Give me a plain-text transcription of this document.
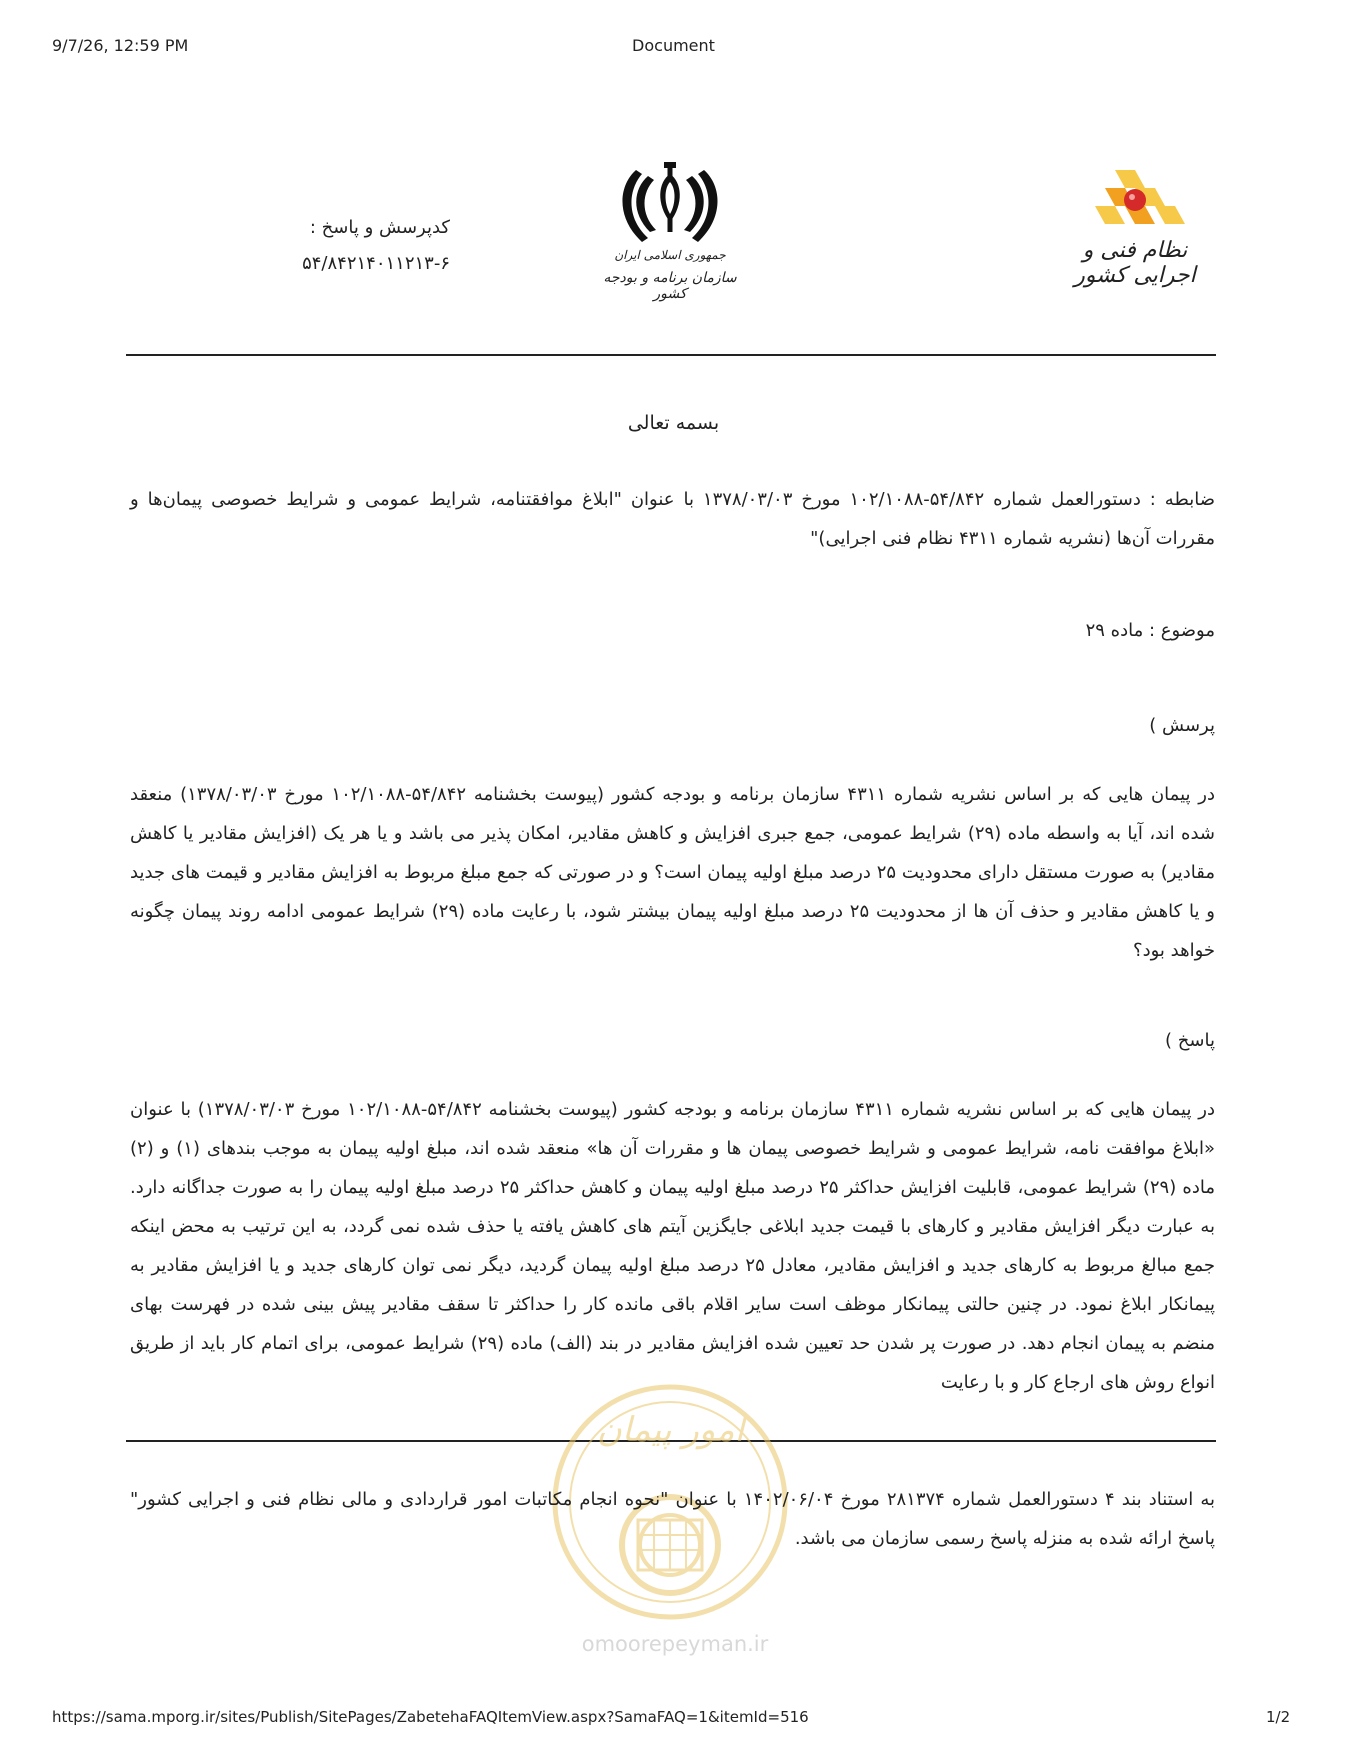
9/7/26, 12:59 PM	Document
نظام فنی و اجرایی کشور
جمهوری اسلامی ایران
سازمان برنامه و بودجه کشور
کدپرسش و پاسخ :
۵۴/۸۴۲۱۴۰۱۱۲۱۳-۶
بسمه تعالی
ضابطه : دستورالعمل شماره ۵۴/۸۴۲-۱۰۲/۱۰۸۸ مورخ ۱۳۷۸/۰۳/۰۳ با عنوان "ابلاغ موافقتنامه، شرایط عمومی و شرایط خصوصی پیمان‌ها و مقررات آن‌ها (نشریه شماره ۴۳۱۱ نظام فنی اجرایی)"
موضوع : ماده ۲۹
پرسش )
در پیمان هایی که بر اساس نشریه شماره ۴۳۱۱ سازمان برنامه و بودجه کشور (پیوست بخشنامه ۵۴/۸۴۲-۱۰۲/۱۰۸۸ مورخ ۱۳۷۸/۰۳/۰۳) منعقد شده اند، آیا به واسطه ماده (۲۹) شرایط عمومی، جمع جبری افزایش و کاهش مقادیر، امکان پذیر می باشد و یا هر یک (افزایش مقادیر یا کاهش مقادیر) به صورت مستقل دارای محدودیت ۲۵ درصد مبلغ اولیه پیمان است؟ و در صورتی که جمع مبلغ مربوط به افزایش مقادیر و قیمت های جدید و یا کاهش مقادیر و حذف آن ها از محدودیت ۲۵ درصد مبلغ اولیه پیمان بیشتر شود، با رعایت ماده (۲۹) شرایط عمومی ادامه روند پیمان چگونه خواهد بود؟
پاسخ )
در پیمان هایی که بر اساس نشریه شماره ۴۳۱۱ سازمان برنامه و بودجه کشور (پیوست بخشنامه ۵۴/۸۴۲-۱۰۲/۱۰۸۸ مورخ ۱۳۷۸/۰۳/۰۳) با عنوان «ابلاغ موافقت نامه، شرایط عمومی و شرایط خصوصی پیمان ها و مقررات آن ها» منعقد شده اند، مبلغ اولیه پیمان به موجب بندهای (۱) و (۲) ماده (۲۹) شرایط عمومی، قابلیت افزایش حداکثر ۲۵ درصد مبلغ اولیه پیمان و کاهش حداکثر ۲۵ درصد مبلغ اولیه پیمان را به صورت جداگانه دارد. به عبارت دیگر افزایش مقادیر و کارهای با قیمت جدید ابلاغی جایگزین آیتم های کاهش یافته یا حذف شده نمی گردد، به این ترتیب به محض اینکه جمع مبالغ مربوط به کارهای جدید و افزایش مقادیر، معادل ۲۵ درصد مبلغ اولیه پیمان گردید، دیگر نمی توان کارهای جدید و یا افزایش مقادیر به پیمانکار ابلاغ نمود. در چنین حالتی پیمانکار موظف است سایر اقلام باقی مانده کار را حداکثر تا سقف مقادیر پیش بینی شده در فهرست بهای منضم به پیمان انجام دهد. در صورت پر شدن حد تعیین شده افزایش مقادیر در بند (الف) ماده (۲۹) شرایط عمومی، برای اتمام کار باید از طریق انواع روش های ارجاع کار و با رعایت
امور پیمان
به استناد بند ۴ دستورالعمل شماره ۲۸۱۳۷۴ مورخ ۱۴۰۲/۰۶/۰۴ با عنوان "نحوه انجام مکاتبات امور قراردادی و مالی نظام فنی و اجرایی کشور" پاسخ ارائه شده به منزله پاسخ رسمی سازمان می باشد.
omoorepeyman.ir
https://sama.mporg.ir/sites/Publish/SitePages/ZabetehaFAQItemView.aspx?SamaFAQ=1&itemId=516	1/2
